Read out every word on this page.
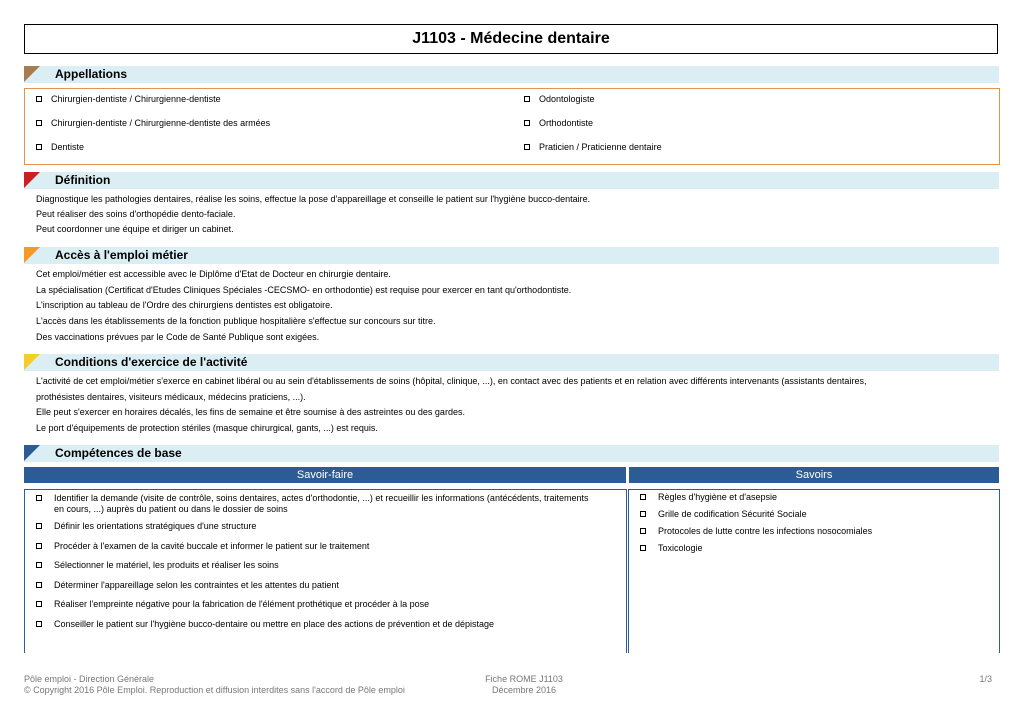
J1103 - Médecine dentaire
Appellations
Chirurgien-dentiste / Chirurgienne-dentiste
Chirurgien-dentiste / Chirurgienne-dentiste des armées
Dentiste
Odontologiste
Orthodontiste
Praticien / Praticienne dentaire
Définition
Diagnostique les pathologies dentaires, réalise les soins, effectue la pose d'appareillage et conseille le patient sur l'hygiène bucco-dentaire.
Peut réaliser des soins d'orthopédie dento-faciale.
Peut coordonner une équipe et diriger un cabinet.
Accès à l'emploi métier
Cet emploi/métier est accessible avec le Diplôme d'Etat de Docteur en chirurgie dentaire.
La spécialisation (Certificat d'Etudes Cliniques Spéciales -CECSMO- en orthodontie) est requise pour exercer en tant qu'orthodontiste.
L'inscription au tableau de l'Ordre des chirurgiens dentistes est obligatoire.
L'accès dans les établissements de la fonction publique hospitalière s'effectue sur concours sur titre.
Des vaccinations prévues par le Code de Santé Publique sont exigées.
Conditions d'exercice de l'activité
L'activité de cet emploi/métier s'exerce en cabinet libéral ou au sein d'établissements de soins (hôpital, clinique, ...), en contact avec des patients et en relation avec différents intervenants (assistants dentaires,
prothésistes dentaires, visiteurs médicaux, médecins praticiens, ...).
Elle peut s'exercer en horaires décalés, les fins de semaine et être soumise à des astreintes ou des gardes.
Le port d'équipements de protection stériles (masque chirurgical, gants, ...) est requis.
Compétences de base
Savoir-faire	Savoirs
Identifier la demande (visite de contrôle, soins dentaires, actes d'orthodontie, ...) et recueillir les informations (antécédents, traitements en cours, ...) auprès du patient ou dans le dossier de soins
Définir les orientations stratégiques d'une structure
Procéder à l'examen de la cavité buccale et informer le patient sur le traitement
Sélectionner le matériel, les produits et réaliser les soins
Déterminer l'appareillage selon les contraintes et les attentes du patient
Réaliser l'empreinte négative pour la fabrication de l'élément prothétique et procéder à la pose
Conseiller le patient sur l'hygiène bucco-dentaire ou mettre en place des actions de prévention et de dépistage
Règles d'hygiène et d'asepsie
Grille de codification Sécurité Sociale
Protocoles de lutte contre les infections nosocomiales
Toxicologie
Pôle emploi - Direction Générale
© Copyright 2016 Pôle Emploi. Reproduction et diffusion interdites sans l'accord de Pôle emploi
Fiche ROME J1103
Décembre 2016
1/3
